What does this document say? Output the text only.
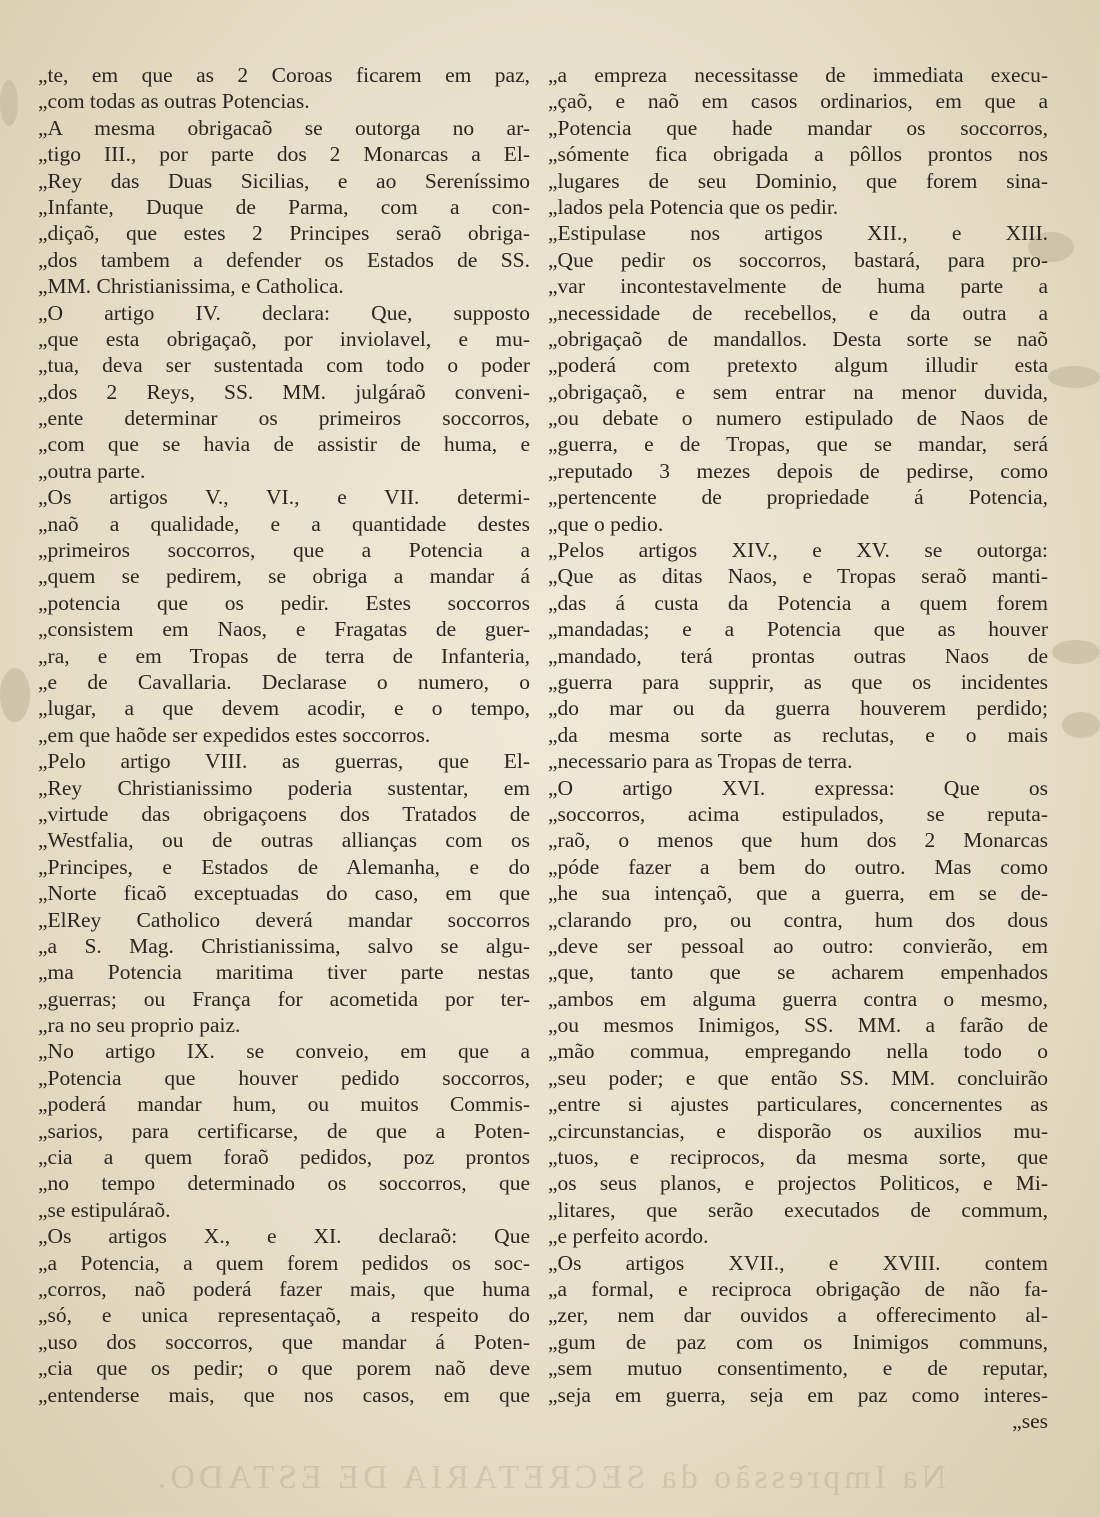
„te, em que as 2 Coroas ficarem em paz,
„com todas as outras Potencias.
„A mesma obrigacaõ se outorga no ar-
„tigo III., por parte dos 2 Monarcas a El-
„Rey das Duas Sicilias, e ao Sereníssimo
„Infante, Duque de Parma, com a con-
„diçaõ, que estes 2 Principes seraõ obriga-
„dos tambem a defender os Estados de SS.
„MM. Christianissima, e Catholica.
„O artigo IV. declara: Que, supposto
„que esta obrigaçaõ, por inviolavel, e mu-
„tua, deva ser sustentada com todo o poder
„dos 2 Reys, SS. MM. julgáraõ conveni-
„ente determinar os primeiros soccorros,
„com que se havia de assistir de huma, e
„outra parte.
„Os artigos V., VI., e VII. determi-
„naõ a qualidade, e a quantidade destes
„primeiros soccorros, que a Potencia a
„quem se pedirem, se obriga a mandar á
„potencia que os pedir. Estes soccorros
„consistem em Naos, e Fragatas de guer-
„ra, e em Tropas de terra de Infanteria,
„e de Cavallaria. Declarase o numero, o
„lugar, a que devem acodir, e o tempo,
„em que haõde ser expedidos estes soccorros.
„Pelo artigo VIII. as guerras, que El-
„Rey Christianissimo poderia sustentar, em
„virtude das obrigaçoens dos Tratados de
„Westfalia, ou de outras allianças com os
„Principes, e Estados de Alemanha, e do
„Norte ficaõ exceptuadas do caso, em que
„ElRey Catholico deverá mandar soccorros
„a S. Mag. Christianissima, salvo se algu-
„ma Potencia maritima tiver parte nestas
„guerras; ou França for acometida por ter-
„ra no seu proprio paiz.
„No artigo IX. se conveio, em que a
„Potencia que houver pedido soccorros,
„poderá mandar hum, ou muitos Commis-
„sarios, para certificarse, de que a Poten-
„cia a quem foraõ pedidos, poz prontos
„no tempo determinado os soccorros, que
„se estipuláraõ.
„Os artigos X., e XI. declaraõ: Que
„a Potencia, a quem forem pedidos os soc-
„corros, naõ poderá fazer mais, que huma
„só, e unica representaçaõ, a respeito do
„uso dos soccorros, que mandar á Poten-
„cia que os pedir; o que porem naõ deve
„entenderse mais, que nos casos, em que
„a empreza necessitasse de immediata execu-
„çaõ, e naõ em casos ordinarios, em que a
„Potencia que hade mandar os soccorros,
„sómente fica obrigada a pôllos prontos nos
„lugares de seu Dominio, que forem sina-
„lados pela Potencia que os pedir.
„Estipulase nos artigos XII., e XIII.
„Que pedir os soccorros, bastará, para pro-
„var incontestavelmente de huma parte a
„necessidade de recebellos, e da outra a
„obrigaçaõ de mandallos. Desta sorte se naõ
„poderá com pretexto algum illudir esta
„obrigaçaõ, e sem entrar na menor duvida,
„ou debate o numero estipulado de Naos de
„guerra, e de Tropas, que se mandar, será
„reputado 3 mezes depois de pedirse, como
„pertencente de propriedade á Potencia,
„que o pedio.
„Pelos artigos XIV., e XV. se outorga:
„Que as ditas Naos, e Tropas seraõ manti-
„das á custa da Potencia a quem forem
„mandadas; e a Potencia que as houver
„mandado, terá prontas outras Naos de
„guerra para supprir, as que os incidentes
„do mar ou da guerra houverem perdido;
„da mesma sorte as reclutas, e o mais
„necessario para as Tropas de terra.
„O artigo XVI. expressa: Que os
„soccorros, acima estipulados, se reputa-
„raõ, o menos que hum dos 2 Monarcas
„póde fazer a bem do outro. Mas como
„he sua intençaõ, que a guerra, em se de-
„clarando pro, ou contra, hum dos dous
„deve ser pessoal ao outro: convierão, em
„que, tanto que se acharem empenhados
„ambos em alguma guerra contra o mesmo,
„ou mesmos Inimigos, SS. MM. a farão de
„mão commua, empregando nella todo o
„seu poder; e que então SS. MM. concluirão
„entre si ajustes particulares, concernentes as
„circunstancias, e disporão os auxilios mu-
„tuos, e reciprocos, da mesma sorte, que
„os seus planos, e projectos Politicos, e Mi-
„litares, que serão executados de commum,
„e perfeito acordo.
„Os artigos XVII., e XVIII. contem
„a formal, e reciproca obrigação de não fa-
„zer, nem dar ouvidos a offerecimento al-
„gum de paz com os Inimigos communs,
„sem mutuo consentimento, e de reputar,
„seja em guerra, seja em paz como interes-
„ses
Na Impressão da SECRETARIA DE ESTADO.
